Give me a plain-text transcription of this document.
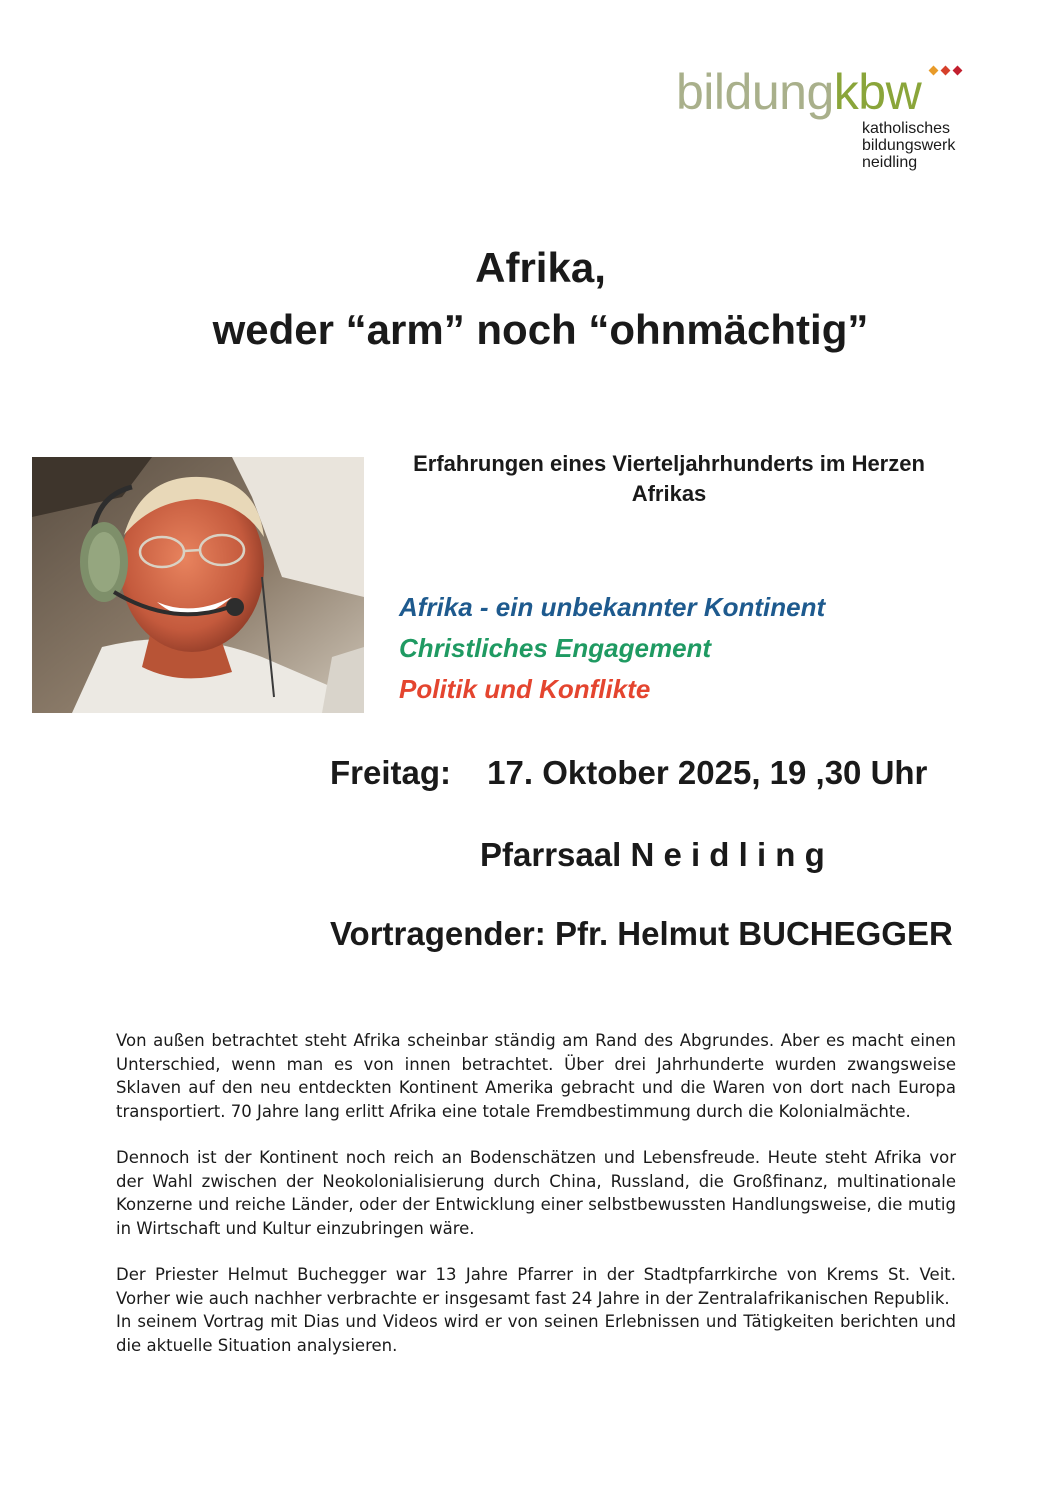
bildungkbw
katholisches
bildungswerk
neidling
Afrika,
weder “arm” noch “ohnmächtig”
Erfahrungen eines Vierteljahrhunderts im Herzen Afrikas
Afrika - ein unbekannter Kontinent
Christliches Engagement
Politik und Konflikte
Freitag: 17. Oktober 2025, 19 ,30 Uhr
Pfarrsaal N e i d l i n g
Vortragender: Pfr. Helmut BUCHEGGER

Von außen betrachtet steht Afrika scheinbar ständig am Rand des Abgrundes. Aber es macht einen Unterschied, wenn man es von innen betrachtet. Über drei Jahrhunderte wurden zwangsweise Sklaven auf den neu entdeckten Kontinent Amerika gebracht und die Waren von dort nach Europa transportiert. 70 Jahre lang erlitt Afrika eine totale Fremdbestimmung durch die Kolonialmächte.

Dennoch ist der Kontinent noch reich an Bodenschätzen und Lebensfreude. Heute steht Afrika vor der Wahl zwischen der Neokolonialisierung durch China, Russland, die Großfinanz, multinationale Konzerne und reiche Länder, oder der Entwicklung einer selbstbewussten Handlungsweise, die mutig in Wirtschaft und Kultur einzubringen wäre.

Der Priester Helmut Buchegger war 13 Jahre Pfarrer in der Stadtpfarrkirche von Krems St. Veit. Vorher wie auch nachher verbrachte er insgesamt fast 24 Jahre in der Zentralafrikanischen Republik.

In seinem Vortrag mit Dias und Videos wird er von seinen Erlebnissen und Tätigkeiten berichten und die aktuelle Situation analysieren.
